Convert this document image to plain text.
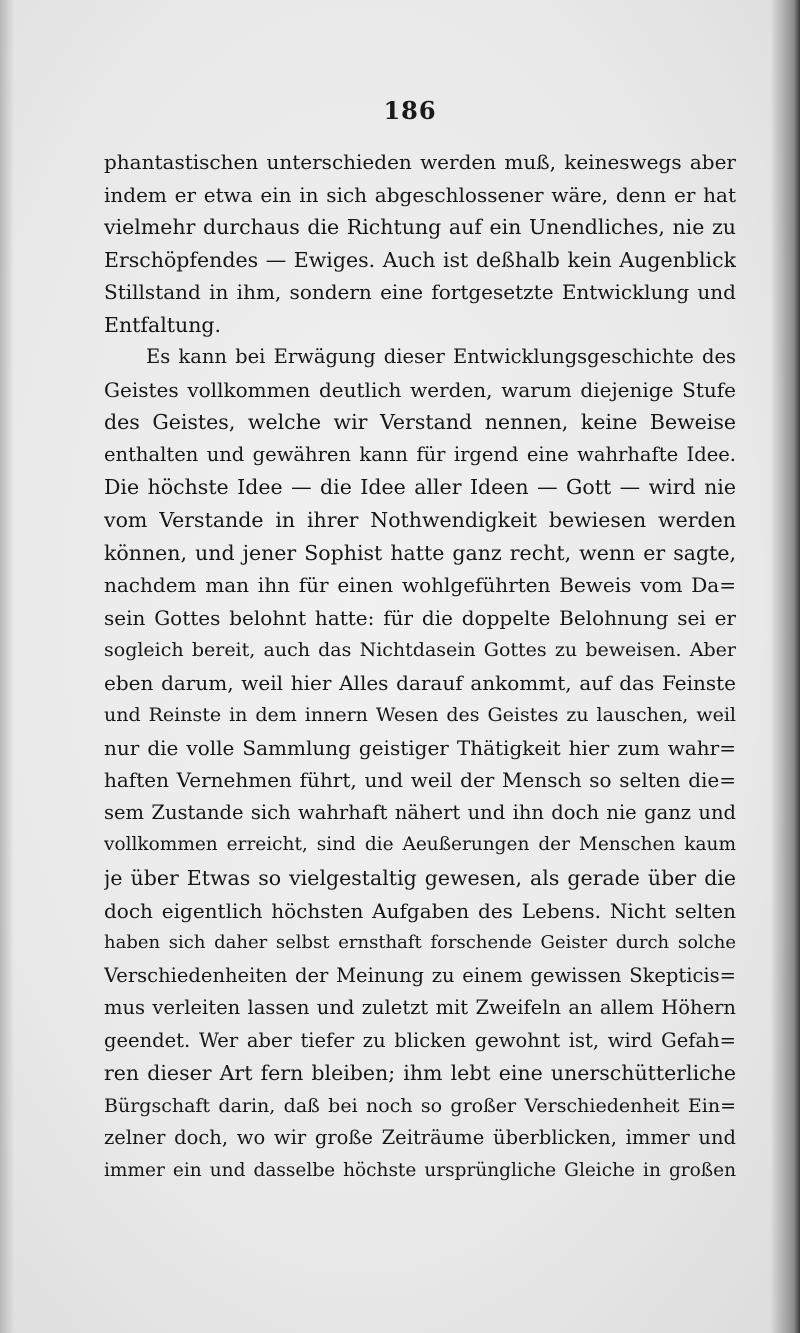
186
phantastischen unterschieden werden muß, keineswegs aber
indem er etwa ein in sich abgeschlossener wäre, denn er hat
vielmehr durchaus die Richtung auf ein Unendliches, nie zu
Erschöpfendes — Ewiges. Auch ist deßhalb kein Augenblick
Stillstand in ihm, sondern eine fortgesetzte Entwicklung und
Entfaltung.
Es kann bei Erwägung dieser Entwicklungsgeschichte des
Geistes vollkommen deutlich werden, warum diejenige Stufe
des Geistes, welche wir Verstand nennen, keine Beweise
enthalten und gewähren kann für irgend eine wahrhafte Idee.
Die höchste Idee — die Idee aller Ideen — Gott — wird nie
vom Verstande in ihrer Nothwendigkeit bewiesen werden
können, und jener Sophist hatte ganz recht, wenn er sagte,
nachdem man ihn für einen wohlgeführten Beweis vom Da=
sein Gottes belohnt hatte: für die doppelte Belohnung sei er
sogleich bereit, auch das Nichtdasein Gottes zu beweisen. Aber
eben darum, weil hier Alles darauf ankommt, auf das Feinste
und Reinste in dem innern Wesen des Geistes zu lauschen, weil
nur die volle Sammlung geistiger Thätigkeit hier zum wahr=
haften Vernehmen führt, und weil der Mensch so selten die=
sem Zustande sich wahrhaft nähert und ihn doch nie ganz und
vollkommen erreicht, sind die Aeußerungen der Menschen kaum
je über Etwas so vielgestaltig gewesen, als gerade über die
doch eigentlich höchsten Aufgaben des Lebens. Nicht selten
haben sich daher selbst ernsthaft forschende Geister durch solche
Verschiedenheiten der Meinung zu einem gewissen Skepticis=
mus verleiten lassen und zuletzt mit Zweifeln an allem Höhern
geendet. Wer aber tiefer zu blicken gewohnt ist, wird Gefah=
ren dieser Art fern bleiben; ihm lebt eine unerschütterliche
Bürgschaft darin, daß bei noch so großer Verschiedenheit Ein=
zelner doch, wo wir große Zeiträume überblicken, immer und
immer ein und dasselbe höchste ursprüngliche Gleiche in großen
